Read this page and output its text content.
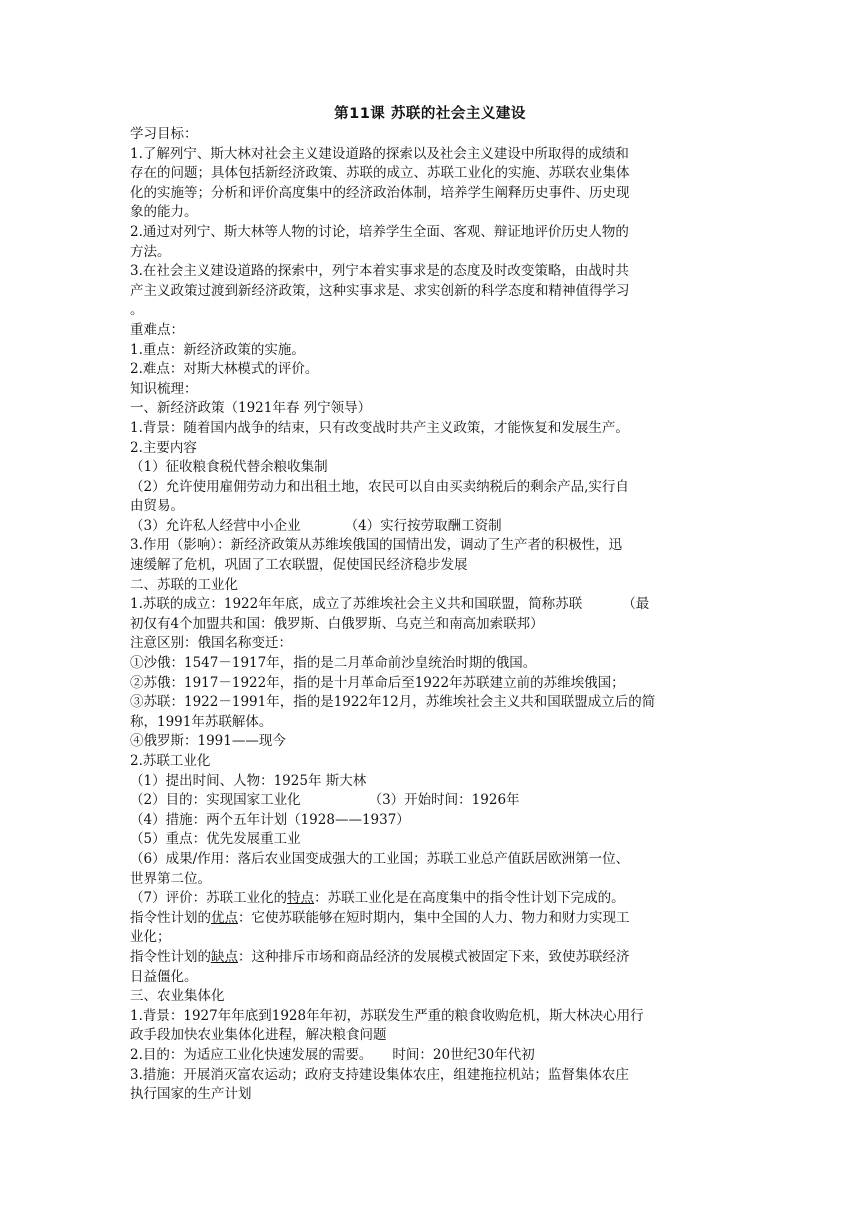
第11课 苏联的社会主义建设
学习目标：
1.了解列宁、斯大林对社会主义建设道路的探索以及社会主义建设中所取得的成绩和
存在的问题；具体包括新经济政策、苏联的成立、苏联工业化的实施、苏联农业集体
化的实施等；分析和评价高度集中的经济政治体制，培养学生阐释历史事件、历史现
象的能力。
2.通过对列宁、斯大林等人物的讨论，培养学生全面、客观、辩证地评价历史人物的
方法。
3.在社会主义建设道路的探索中，列宁本着实事求是的态度及时改变策略，由战时共
产主义政策过渡到新经济政策，这种实事求是、求实创新的科学态度和精神值得学习
。
重难点：
1.重点：新经济政策的实施。
2.难点：对斯大林模式的评价。
知识梳理：
一、新经济政策（1921年春 列宁领导）
1.背景：随着国内战争的结束，只有改变战时共产主义政策，才能恢复和发展生产。
2.主要内容
（1）征收粮食税代替余粮收集制
（2）允许使用雇佣劳动力和出租土地，农民可以自由买卖纳税后的剩余产品,实行自
由贸易。
（3）允许私人经营中小企业	（4）实行按劳取酬工资制
3.作用（影响）：新经济政策从苏维埃俄国的国情出发，调动了生产者的积极性，迅
速缓解了危机，巩固了工农联盟，促使国民经济稳步发展
二、苏联的工业化
1.苏联的成立：1922年年底，成立了苏维埃社会主义共和国联盟，简称苏联	（最
初仅有4个加盟共和国：俄罗斯、白俄罗斯、乌克兰和南高加索联邦）
注意区别：俄国名称变迁：
①沙俄：1547－1917年，指的是二月革命前沙皇统治时期的俄国。
②苏俄：1917－1922年，指的是十月革命后至1922年苏联建立前的苏维埃俄国；
③苏联：1922－1991年，指的是1922年12月，苏维埃社会主义共和国联盟成立后的简
称，1991年苏联解体。
④俄罗斯：1991——现今
2.苏联工业化
（1）提出时间、人物：1925年 斯大林
（2）目的：实现国家工业化	（3）开始时间：1926年
（4）措施：两个五年计划（1928——1937）
（5）重点：优先发展重工业
（6）成果/作用：落后农业国变成强大的工业国；苏联工业总产值跃居欧洲第一位、
世界第二位。
（7）评价：苏联工业化的特点：苏联工业化是在高度集中的指令性计划下完成的。
指令性计划的优点：它使苏联能够在短时期内，集中全国的人力、物力和财力实现工
业化；
指令性计划的缺点：这种排斥市场和商品经济的发展模式被固定下来，致使苏联经济
日益僵化。
三、农业集体化
1.背景：1927年年底到1928年年初，苏联发生严重的粮食收购危机，斯大林决心用行
政手段加快农业集体化进程，解决粮食问题
2.目的：为适应工业化快速发展的需要。 时间：20世纪30年代初
3.措施：开展消灭富农运动；政府支持建设集体农庄，组建拖拉机站；监督集体农庄
执行国家的生产计划
